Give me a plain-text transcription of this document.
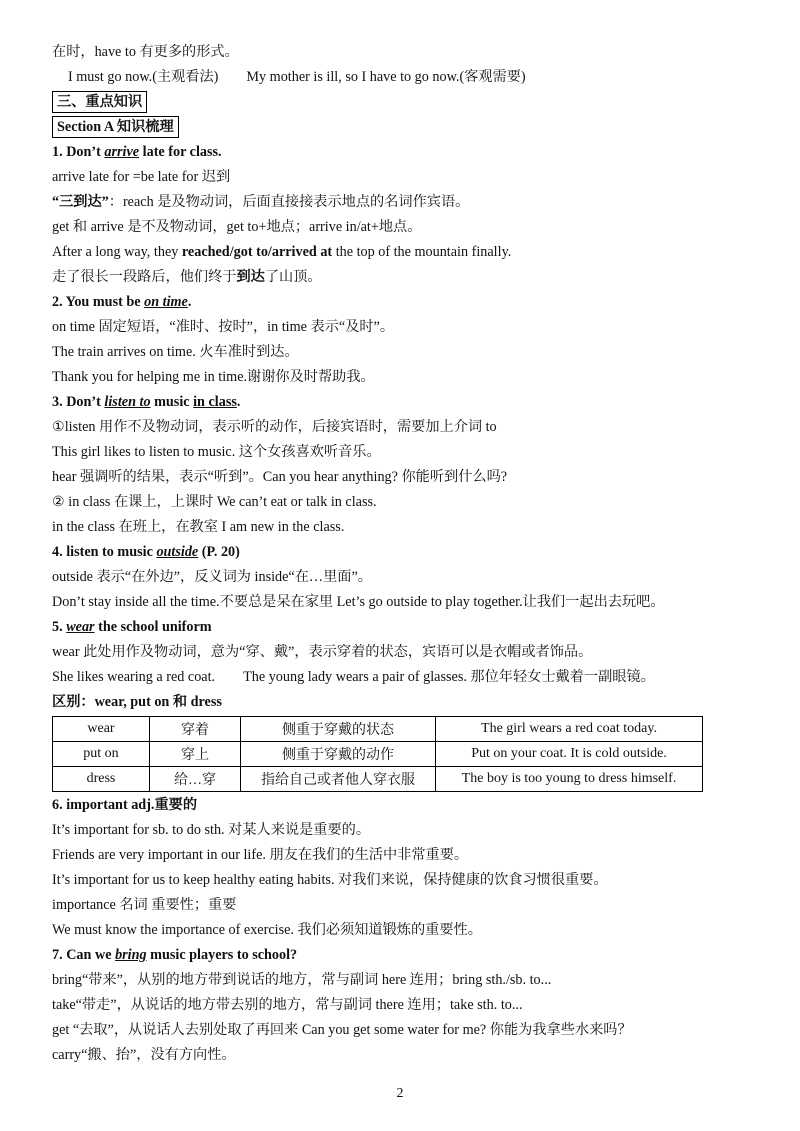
在时，have to 有更多的形式。
I must go now.(主观看法) My mother is ill, so I have to go now.(客观需要)
三、重点知识
Section A 知识梳理
1. Don’t arrive late for class.
arrive late for =be late for 迟到
“三到达”：reach 是及物动词，后面直接接表示地点的名词作宾语。
get 和 arrive 是不及物动词，get to+地点；arrive in/at+地点。
After a long way, they reached/got to/arrived at the top of the mountain finally.
走了很长一段路后，他们终于到达了山顶。
2. You must be on time.
on time 固定短语，“准时、按时”，in time 表示“及时”。
The train arrives on time. 火车准时到达。
Thank you for helping me in time.谢谢你及时帮助我。
3. Don’t listen to music in class.
①listen 用作不及物动词，表示听的动作，后接宾语时，需要加上介词 to
This girl likes to listen to music. 这个女孩喜欢听音乐。
hear 强调听的结果，表示“听到”。Can you hear anything? 你能听到什么吗?
② in class 在课上，上课时 We can’t eat or talk in class.
in the class 在班上，在教室 I am new in the class.
4. listen to music outside (P. 20)
outside 表示“在外边”，反义词为 inside“在…里面”。
Don’t stay inside all the time.不要总是呆在家里 Let’s go outside to play together.让我们一起出去玩吧。
5. wear the school uniform
wear 此处用作及物动词，意为“穿、戴”，表示穿着的状态，宾语可以是衣帽或者饰品。
She likes wearing a red coat. The young lady wears a pair of glasses. 那位年轻女士戴着一副眼镜。
区别：wear, put on 和 dress
wear	穿着	侧重于穿戴的状态	The girl wears a red coat today.
put on	穿上	侧重于穿戴的动作	Put on your coat. It is cold outside.
dress	给…穿	指给自己或者他人穿衣服	The boy is too young to dress himself.
6. important adj.重要的
It’s important for sb. to do sth. 对某人来说是重要的。
Friends are very important in our life. 朋友在我们的生活中非常重要。
It’s important for us to keep healthy eating habits. 对我们来说，保持健康的饮食习惯很重要。
importance 名词 重要性；重要
We must know the importance of exercise. 我们必须知道锻炼的重要性。
7. Can we bring music players to school?
bring“带来”，从别的地方带到说话的地方，常与副词 here 连用；bring sth./sb. to...
take“带走”，从说话的地方带去别的地方，常与副词 there 连用；take sth. to...
get “去取”，从说话人去别处取了再回来 Can you get some water for me? 你能为我拿些水来吗？
carry“搬、抬”，没有方向性。
2
